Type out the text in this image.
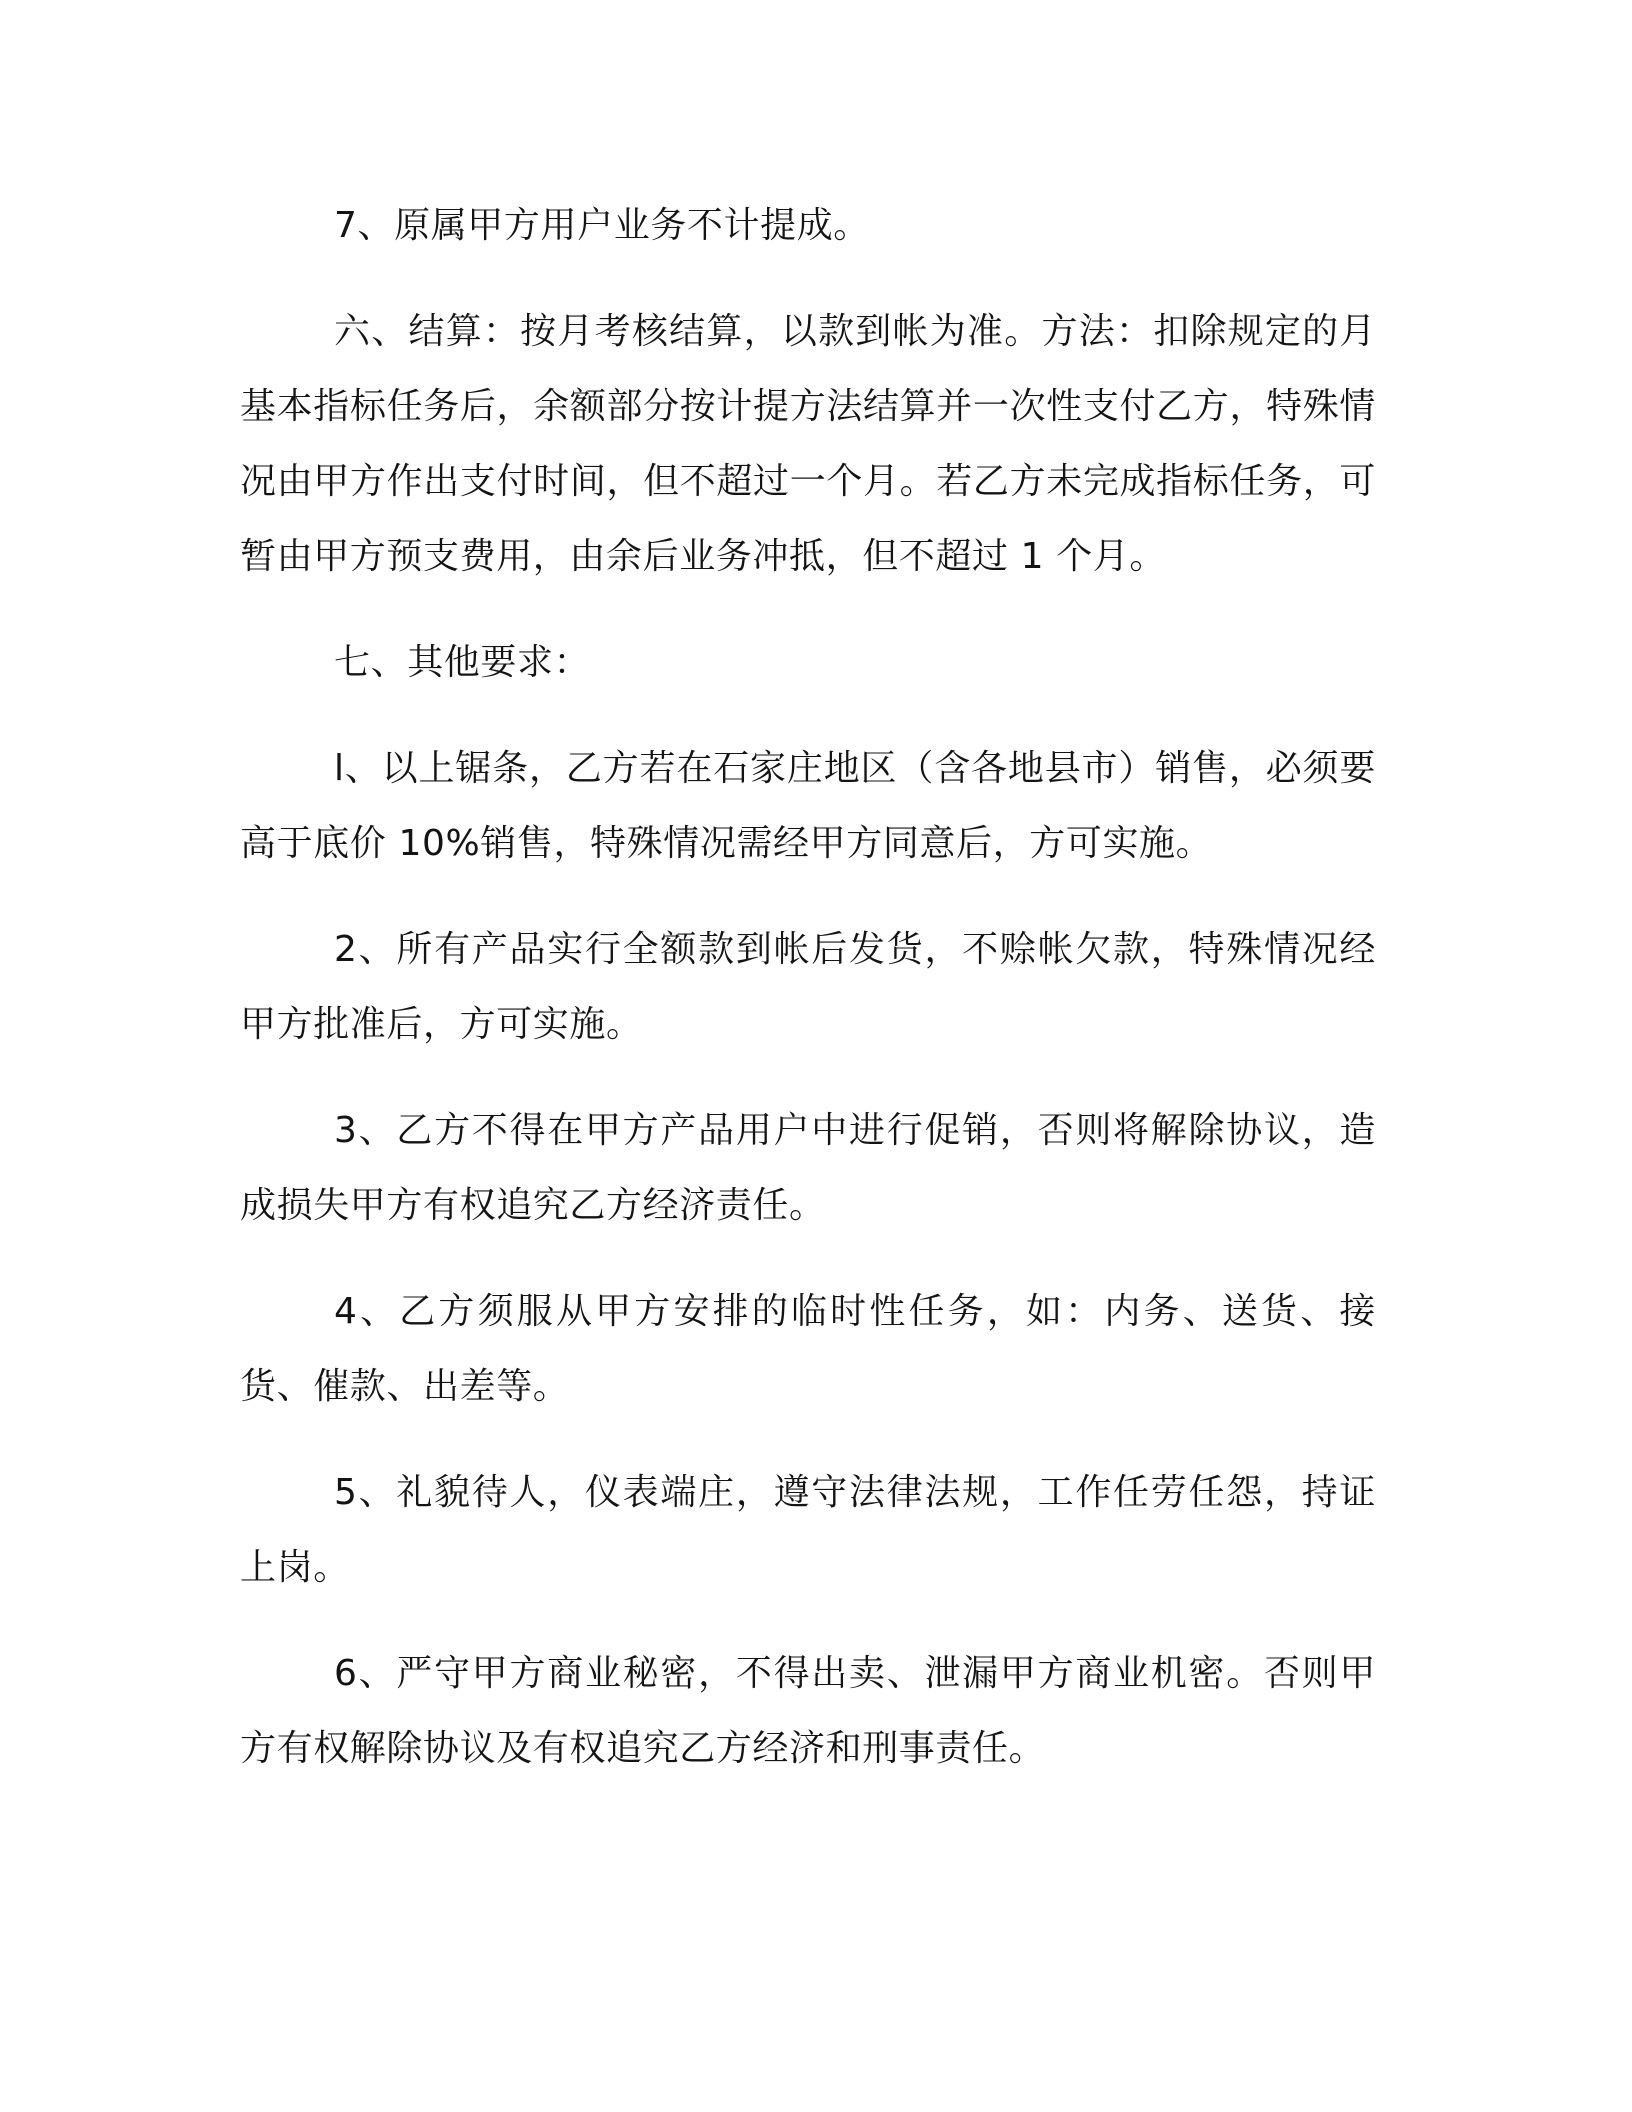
7、原属甲方用户业务不计提成。

六、结算：按月考核结算，以款到帐为准。方法：扣除规定的月基本指标任务后，余额部分按计提方法结算并一次性支付乙方，特殊情况由甲方作出支付时间，但不超过一个月。若乙方未完成指标任务，可暂由甲方预支费用，由余后业务冲抵，但不超过 1 个月。

七、其他要求：

l、以上锯条，乙方若在石家庄地区（含各地县市）销售，必须要高于底价 10%销售，特殊情况需经甲方同意后，方可实施。

2、所有产品实行全额款到帐后发货，不赊帐欠款，特殊情况经甲方批准后，方可实施。

3、乙方不得在甲方产品用户中进行促销，否则将解除协议，造成损失甲方有权追究乙方经济责任。

4、乙方须服从甲方安排的临时性任务，如：内务、送货、接货、催款、出差等。

5、礼貌待人，仪表端庄，遵守法律法规，工作任劳任怨，持证上岗。

6、严守甲方商业秘密，不得出卖、泄漏甲方商业机密。否则甲方有权解除协议及有权追究乙方经济和刑事责任。
